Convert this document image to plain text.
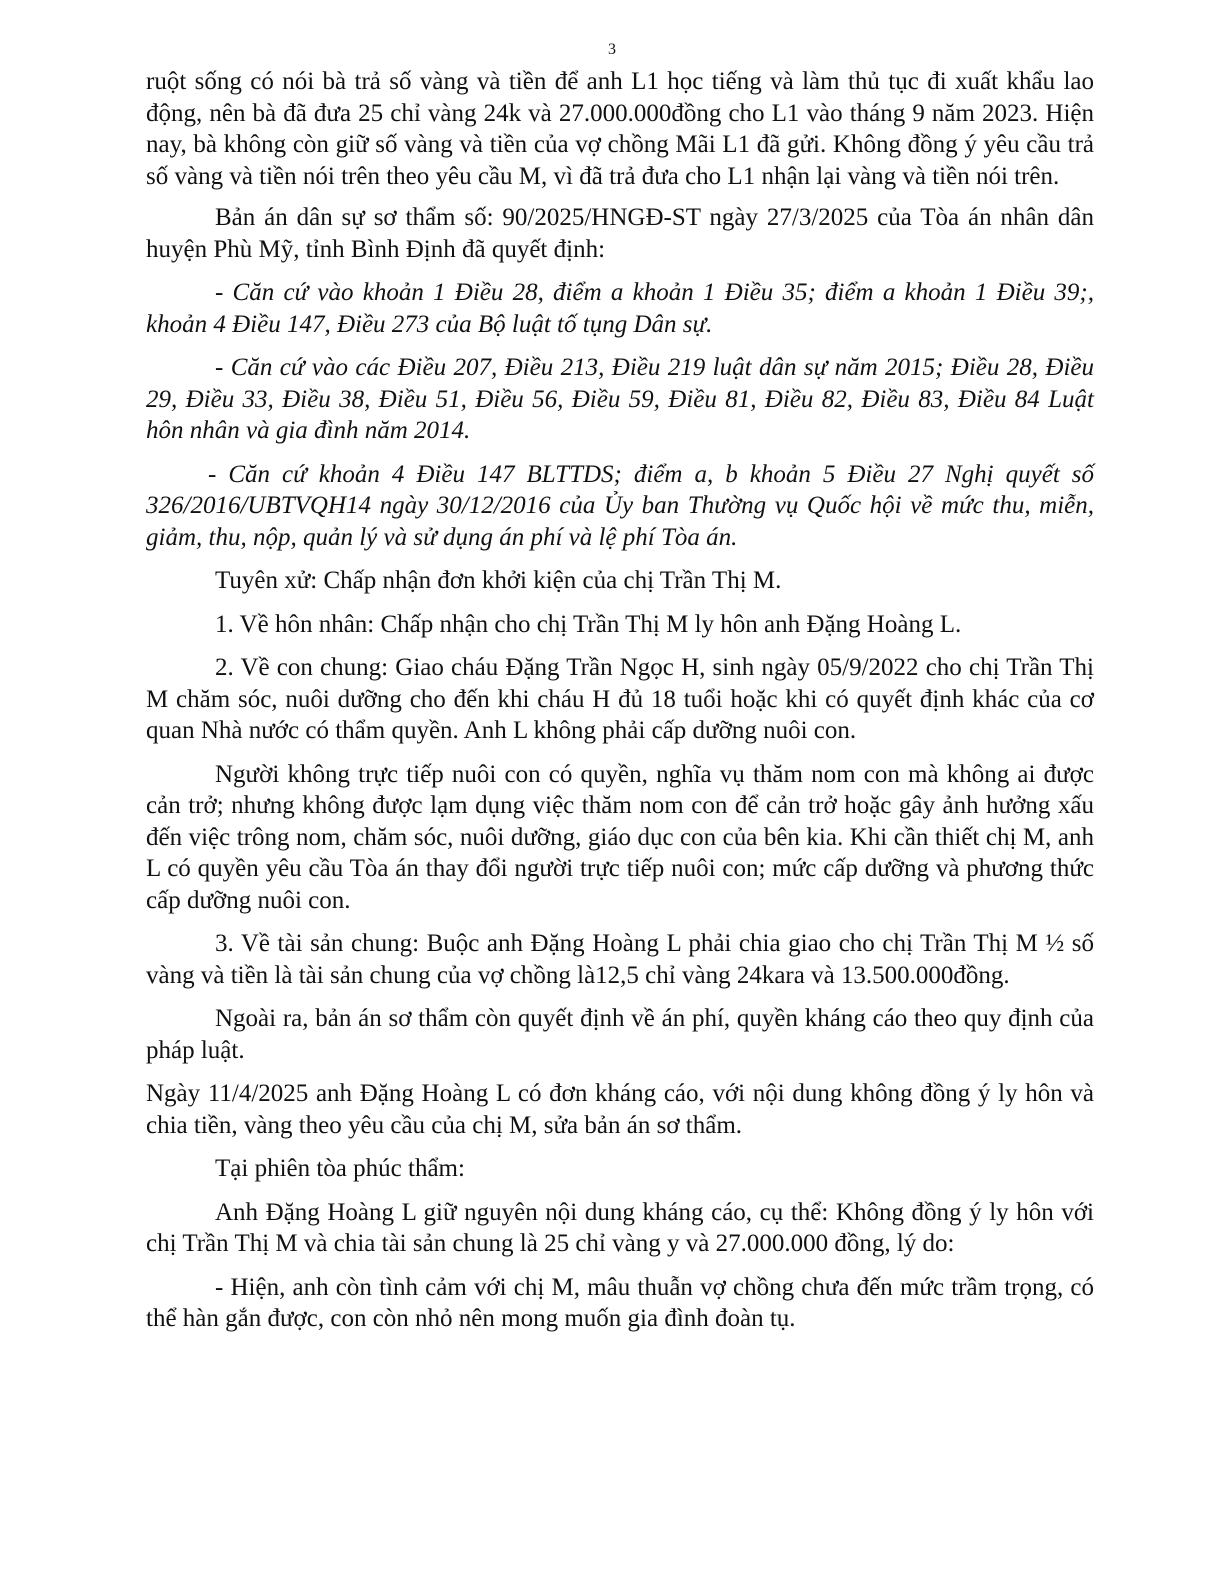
3

ruột sống có nói bà trả số vàng và tiền để anh L1 học tiếng và làm thủ tục đi xuất khẩu lao động, nên bà đã đưa 25 chỉ vàng 24k và 27.000.000đồng cho L1 vào tháng 9 năm 2023. Hiện nay, bà không còn giữ số vàng và tiền của vợ chồng Mãi L1 đã gửi. Không đồng ý yêu cầu trả số vàng và tiền nói trên theo yêu cầu M, vì đã trả đưa cho L1 nhận lại vàng và tiền nói trên.

Bản án dân sự sơ thẩm số: 90/2025/HNGĐ-ST ngày 27/3/2025 của Tòa án nhân dân huyện Phù Mỹ, tỉnh Bình Định đã quyết định:

- Căn cứ vào khoản 1 Điều 28, điểm a khoản 1 Điều 35; điểm a khoản 1 Điều 39;, khoản 4 Điều 147, Điều 273 của Bộ luật tố tụng Dân sự.

- Căn cứ vào các Điều 207, Điều 213, Điều 219 luật dân sự năm 2015; Điều 28, Điều 29, Điều 33, Điều 38, Điều 51, Điều 56, Điều 59, Điều 81, Điều 82, Điều 83, Điều 84 Luật hôn nhân và gia đình năm 2014.

- Căn cứ khoản 4 Điều 147 BLTTDS; điểm a, b khoản 5 Điều 27 Nghị quyết số 326/2016/UBTVQH14 ngày 30/12/2016 của Ủy ban Thường vụ Quốc hội về mức thu, miễn, giảm, thu, nộp, quản lý và sử dụng án phí và lệ phí Tòa án.

Tuyên xử: Chấp nhận đơn khởi kiện của chị Trần Thị M.

1. Về hôn nhân: Chấp nhận cho chị Trần Thị M ly hôn anh Đặng Hoàng L.

2. Về con chung: Giao cháu Đặng Trần Ngọc H, sinh ngày 05/9/2022 cho chị Trần Thị M chăm sóc, nuôi dưỡng cho đến khi cháu H đủ 18 tuổi hoặc khi có quyết định khác của cơ quan Nhà nước có thẩm quyền. Anh L không phải cấp dưỡng nuôi con.

Người không trực tiếp nuôi con có quyền, nghĩa vụ thăm nom con mà không ai được cản trở; nhưng không được lạm dụng việc thăm nom con để cản trở hoặc gây ảnh hưởng xấu đến việc trông nom, chăm sóc, nuôi dưỡng, giáo dục con của bên kia. Khi cần thiết chị M, anh L có quyền yêu cầu Tòa án thay đổi người trực tiếp nuôi con; mức cấp dưỡng và phương thức cấp dưỡng nuôi con.

3. Về tài sản chung: Buộc anh Đặng Hoàng L phải chia giao cho chị Trần Thị M ½ số vàng và tiền là tài sản chung của vợ chồng là12,5 chỉ vàng 24kara và 13.500.000đồng.

Ngoài ra, bản án sơ thẩm còn quyết định về án phí, quyền kháng cáo theo quy định của pháp luật.

Ngày 11/4/2025 anh Đặng Hoàng L có đơn kháng cáo, với nội dung không đồng ý ly hôn và chia tiền, vàng theo yêu cầu của chị M, sửa bản án sơ thẩm.

Tại phiên tòa phúc thẩm:

Anh Đặng Hoàng L giữ nguyên nội dung kháng cáo, cụ thể: Không đồng ý ly hôn với chị Trần Thị M và chia tài sản chung là 25 chỉ vàng y và 27.000.000 đồng, lý do:

- Hiện, anh còn tình cảm với chị M, mâu thuẫn vợ chồng chưa đến mức trầm trọng, có thể hàn gắn được, con còn nhỏ nên mong muốn gia đình đoàn tụ.
